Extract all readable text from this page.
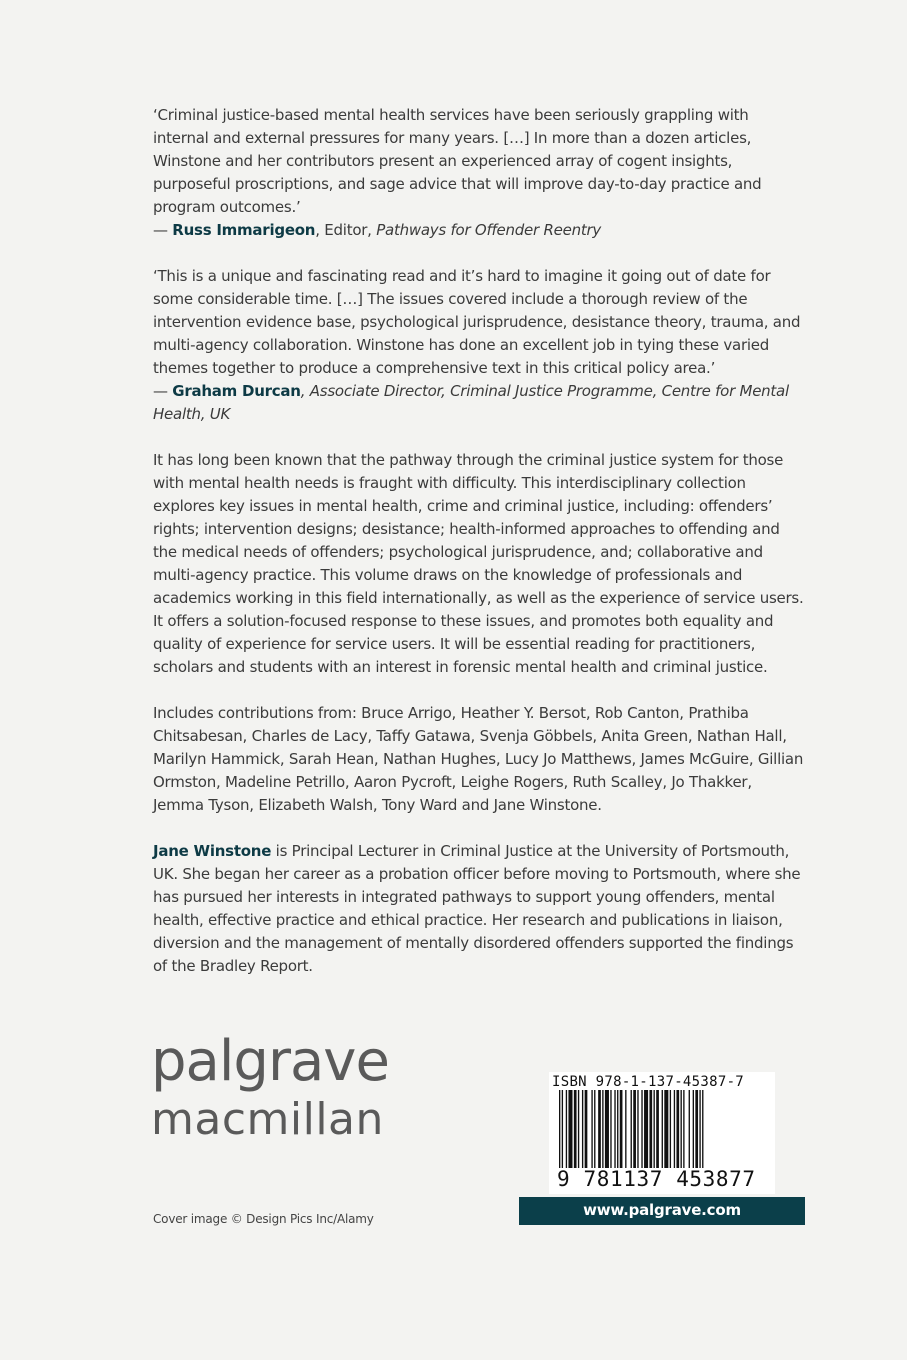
‘Criminal justice-based mental health services have been seriously grappling with internal and external pressures for many years. […] In more than a dozen articles, Winstone and her contributors present an experienced array of cogent insights, purposeful proscriptions, and sage advice that will improve day-to-day practice and program outcomes.’

— Russ Immarigeon, Editor, Pathways for Offender Reentry

‘This is a unique and fascinating read and it’s hard to imagine it going out of date for some considerable time. […] The issues covered include a thorough review of the intervention evidence base, psychological jurisprudence, desistance theory, trauma, and multi-agency collaboration. Winstone has done an excellent job in tying these varied themes together to produce a comprehensive text in this critical policy area.’

— Graham Durcan, Associate Director, Criminal Justice Programme, Centre for Mental Health, UK

It has long been known that the pathway through the criminal justice system for those with mental health needs is fraught with difficulty. This interdisciplinary collection explores key issues in mental health, crime and criminal justice, including: offenders’ rights; intervention designs; desistance; health-informed approaches to offending and the medical needs of offenders; psychological jurisprudence, and; collaborative and multi-agency practice. This volume draws on the knowledge of professionals and academics working in this field internationally, as well as the experience of service users. It offers a solution-focused response to these issues, and promotes both equality and quality of experience for service users. It will be essential reading for practitioners, scholars and students with an interest in forensic mental health and criminal justice.

Includes contributions from: Bruce Arrigo, Heather Y. Bersot, Rob Canton, Prathiba Chitsabesan, Charles de Lacy, Taffy Gatawa, Svenja Göbbels, Anita Green, Nathan Hall, Marilyn Hammick, Sarah Hean, Nathan Hughes, Lucy Jo Matthews, James McGuire, Gillian Ormston, Madeline Petrillo, Aaron Pycroft, Leighe Rogers, Ruth Scalley, Jo Thakker, Jemma Tyson, Elizabeth Walsh, Tony Ward and Jane Winstone.

Jane Winstone is Principal Lecturer in Criminal Justice at the University of Portsmouth, UK. She began her career as a probation officer before moving to Portsmouth, where she has pursued her interests in integrated pathways to support young offenders, mental health, effective practice and ethical practice. Her research and publications in liaison, diversion and the management of mentally disordered offenders supported the findings of the Bradley Report.

palgrave
macmillan
Cover image © Design Pics Inc/Alamy
ISBN 978-1-137-45387-7
9 781137 453877
www.palgrave.com
